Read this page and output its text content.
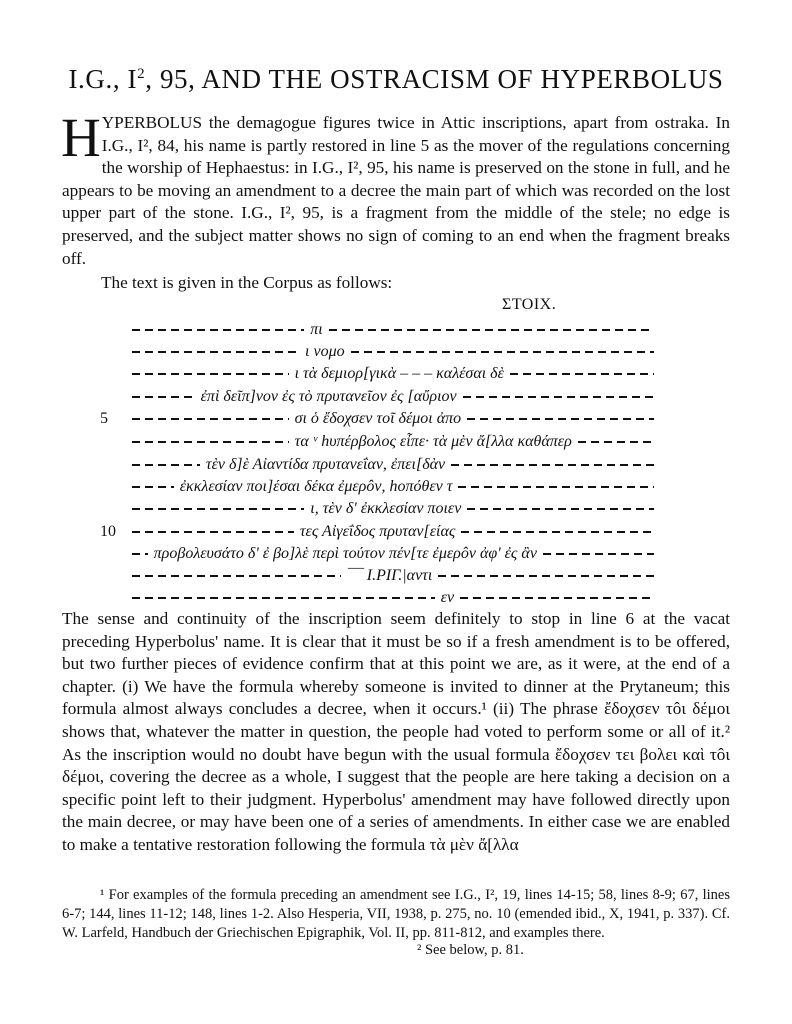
I.G., $I^2$, 95, AND THE OSTRACISM OF HYPERBOLUS

HYPERBOLUS the demagogue figures twice in Attic inscriptions, apart from ostraka. In I.G., I², 84, his name is partly restored in line 5 as the mover of the regulations concerning the worship of Hephaestus: in I.G., I², 95, his name is preserved on the stone in full, and he appears to be moving an amendment to a decree the main part of which was recorded on the lost upper part of the stone. I.G., I², 95, is a fragment from the middle of the stele; no edge is preserved, and the subject matter shows no sign of coming to an end when the fragment breaks off.

The text is given in the Corpus as follows:
ΣΤΟΙΧ.
πι
ι νομο
ι τὰ δεμιορ[γικὰ – – – καλέσαι δὲ
ἐπὶ δεῖπ]νον ἐς τὸ πρυτανεῖον ἐς [αὔριον
σι ὁ ἔδοχσεν τοῖ δέμοι ἀπο
5
τα ᵛ hυπέρβολος εἶπε· τὰ μὲν ἄ[λλα καθάπερ
τὲν δ]ὲ Αἰαντίδα πρυτανεΐαν, ἐπει[δὰν
ἐκκλεσίαν ποι]έσαι δέκα ἐμερôν, hοπόθεν τ
ι, τὲν δ' ἐκκλεσίαν ποιεν
τες Αἰγεΐδος πρυταν[είας
10
προβολευσάτο δ' ἐ βο]λὲ περὶ τούτον πέν[τε ἐμερôν ἀφ' ἐς ἂν
¯¯ Ι.ΡΙΓ.|αντι
εν

The sense and continuity of the inscription seem definitely to stop in line 6 at the vacat preceding Hyperbolus' name. It is clear that it must be so if a fresh amendment is to be offered, but two further pieces of evidence confirm that at this point we are, as it were, at the end of a chapter. (i) We have the formula whereby someone is invited to dinner at the Prytaneum; this formula almost always concludes a decree, when it occurs.¹ (ii) The phrase ἔδοχσεν τôι δέμοι shows that, whatever the matter in question, the people had voted to perform some or all of it.² As the inscription would no doubt have begun with the usual formula ἔδοχσεν τει βολει καὶ τôι δέμοι, covering the decree as a whole, I suggest that the people are here taking a decision on a specific point left to their judgment. Hyperbolus' amendment may have followed directly upon the main decree, or may have been one of a series of amendments. In either case we are enabled to make a tentative restoration following the formula τὰ μὲν ἄ[λλα

¹ For examples of the formula preceding an amendment see I.G., I², 19, lines 14-15; 58, lines 8-9; 67, lines 6-7; 144, lines 11-12; 148, lines 1-2. Also Hesperia, VII, 1938, p. 275, no. 10 (emended ibid., X, 1941, p. 337). Cf. W. Larfeld, Handbuch der Griechischen Epigraphik, Vol. II, pp. 811-812, and examples there.

² See below, p. 81.
